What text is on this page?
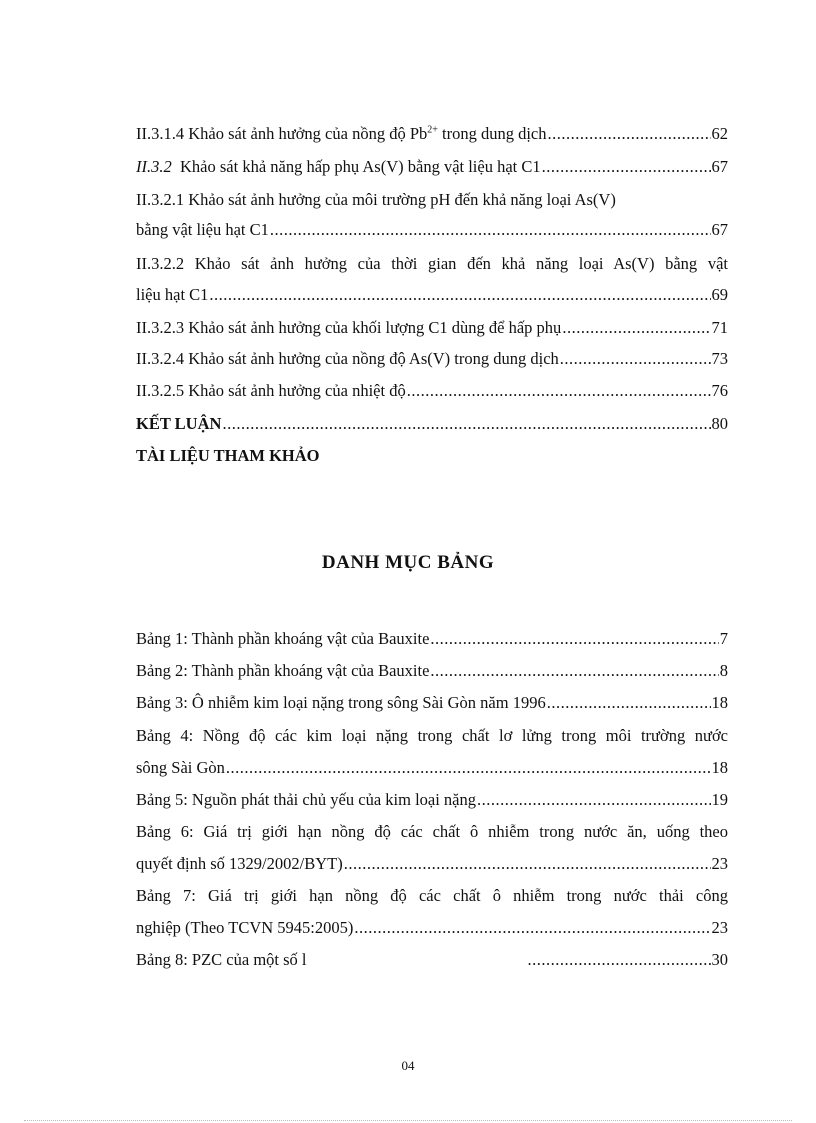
II.3.1.4 Khảo sát ảnh hưởng của nồng độ $Pb^{2+}$ trong dung dịch .....	62
II.3.2 Khảo sát khả năng hấp phụ As(V) bằng vật liệu hạt C1 .....	67
II.3.2.1 Khảo sát ảnh hưởng của môi trường pH đến khả năng loại As(V)
bằng vật liệu hạt C1 .....	67
II.3.2.2 Khảo sát ảnh hưởng của thời gian đến khả năng loại As(V) bằng vật
liệu hạt C1 .....	69
II.3.2.3 Khảo sát ảnh hưởng của khối lượng C1 dùng để hấp phụ .....	71
II.3.2.4 Khảo sát ảnh hưởng của nồng độ As(V) trong dung dịch .....	73
II.3.2.5 Khảo sát ảnh hưởng của nhiệt độ .....	76
KẾT LUẬN .....	80
TÀI LIỆU THAM KHẢO
DANH MỤC BẢNG
Bảng 1: Thành phần khoáng vật của Bauxite .....	7
Bảng 2: Thành phần khoáng vật của Bauxite .....	8
Bảng 3: Ô nhiễm kim loại nặng trong sông Sài Gòn năm 1996 .....	18
Bảng 4: Nồng độ các kim loại nặng trong chất lơ lửng trong môi trường nước
sông Sài Gòn .....	18
Bảng 5: Nguồn phát thải chủ yếu của kim loại nặng .....	19
Bảng 6: Giá trị giới hạn nồng độ các chất ô nhiễm trong nước ăn, uống theo
quyết định số 1329/2002/BYT) .....	23
Bảng 7: Giá trị giới hạn nồng độ các chất ô nhiễm trong nước thải công
nghiệp (Theo TCVN 5945:2005) .....	23
Bảng 8: PZC của một số l .....	30
04
